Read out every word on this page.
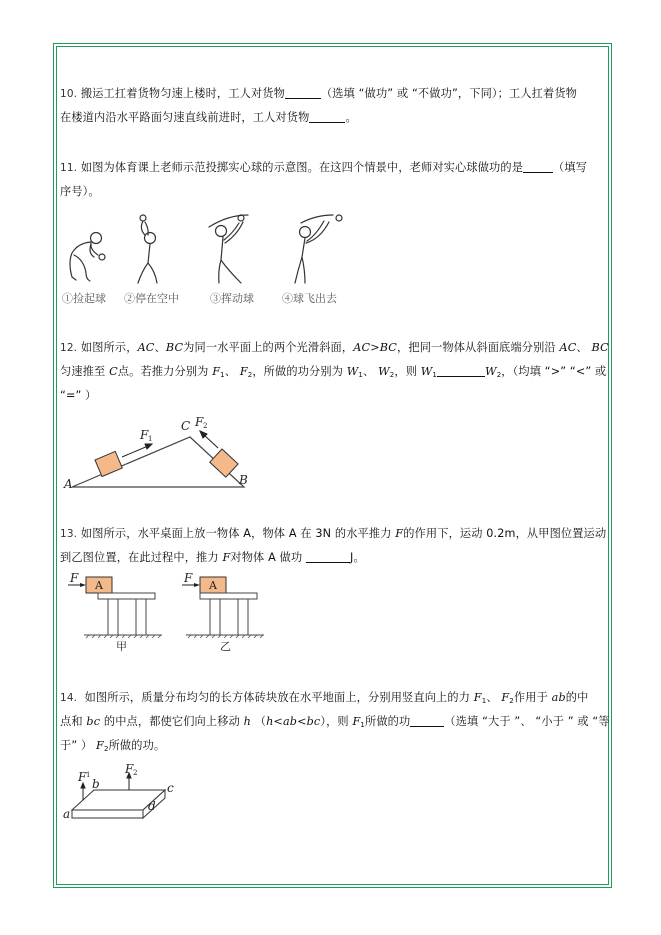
10. 搬运工扛着货物匀速上楼时，工人对货物	（选填 “做功” 或 “不做功”，下同）；工人扛着货物
在楼道内沿水平路面匀速直线前进时，工人对货物	。
11. 如图为体育课上老师示范投掷实心球的示意图。在这四个情景中，老师对实心球做功的是	（填写
序号）。
①捡起球 ②停在空中	③挥动球	④球飞出去
12. 如图所示，AC、BC为同一水平面上的两个光滑斜面，AC>BC，把同一物体从斜面底端分别沿 AC、 BC
匀速推至 C点。若推力分别为 $F_1$、 $F_2$，所做的功分别为 $W_1$、 $W_2$，则 $W_1$	$W_2$，（均填 “>” “<” 或
“=” ）
F 1
F 2
C
A	B
13. 如图所示，水平桌面上放一物体 A，物体 A 在 3N 的水平推力 F的作用下，运动 0.2m，从甲图位置运动
到乙图位置，在此过程中，推力 F对物体 A 做功	J。
F
A
甲
F
A
乙
14. 如图所示，质量分布均匀的长方体砖块放在水平地面上，分别用竖直向上的力 $F_1$、 $F_2$作用于 ab的中
点和 bc 的中点，都使它们向上移动 h （h<ab<bc），则 $F_1$所做的功	（选填 “大于 ”、 “小于 ” 或 “等
于” ） $F_2$所做的功。
F 1	F 2
a
b	c
d
